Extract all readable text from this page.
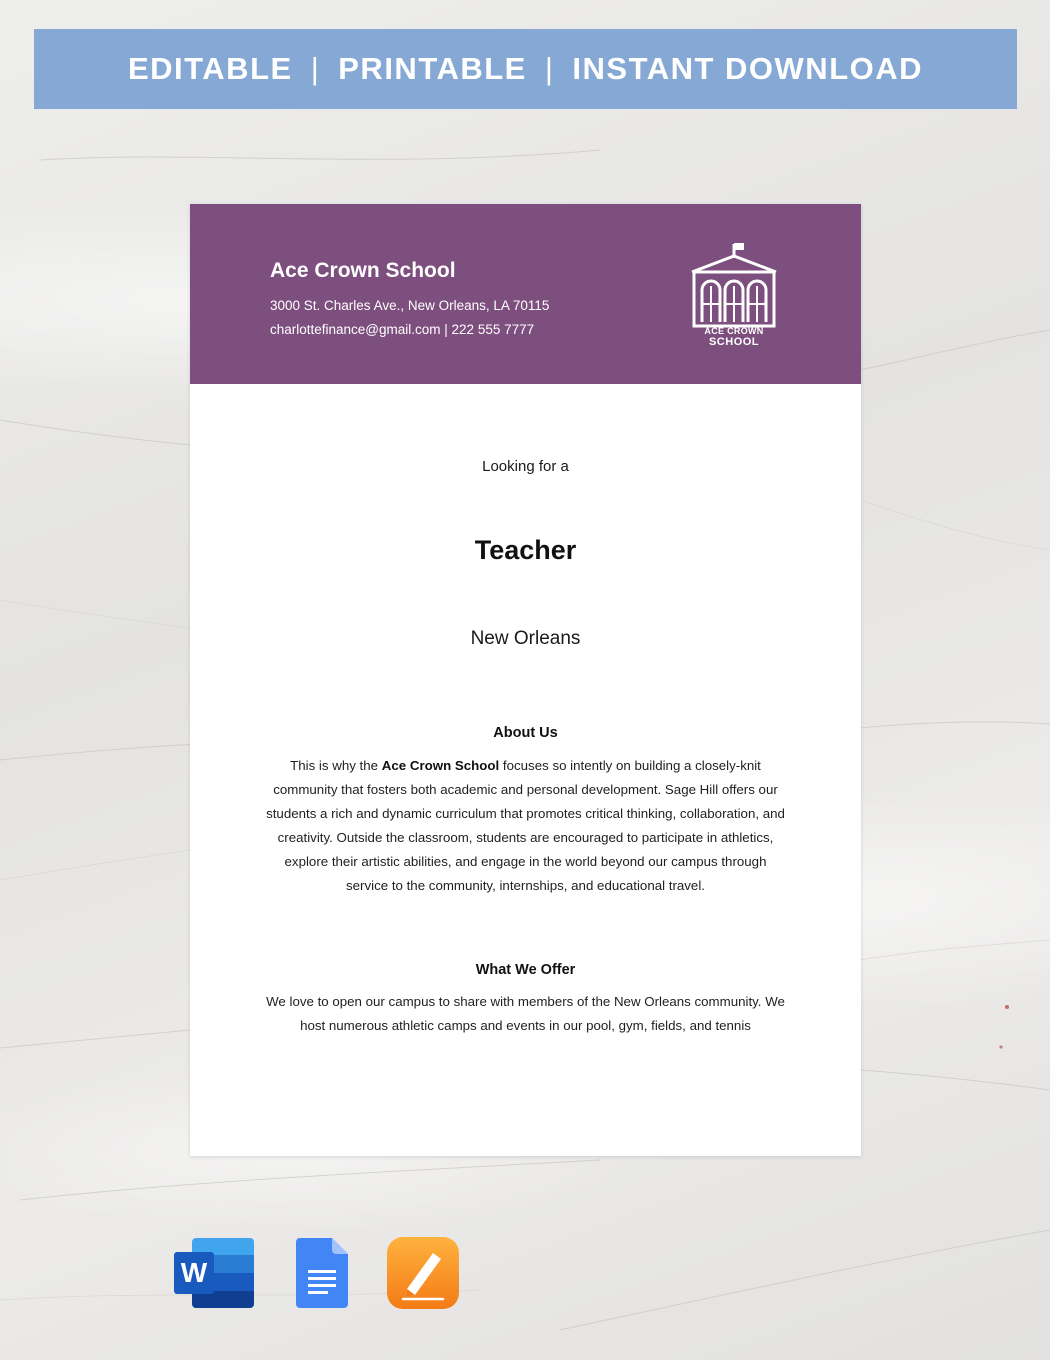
EDITABLE | PRINTABLE | INSTANT DOWNLOAD
Ace Crown School
3000 St. Charles Ave., New Orleans, LA 70115
charlottefinance@gmail.com | 222 555 7777	ACE CROWN
SCHOOL
Looking for a
Teacher
New Orleans
About Us
This is why the Ace Crown School focuses so intently on building a closely-knit community that fosters both academic and personal development. Sage Hill offers our students a rich and dynamic curriculum that promotes critical thinking, collaboration, and creativity. Outside the classroom, students are encouraged to participate in athletics, explore their artistic abilities, and engage in the world beyond our campus through service to the community, internships, and educational travel.
What We Offer
We love to open our campus to share with members of the New Orleans community. We host numerous athletic camps and events in our pool, gym, fields, and tennis
W
